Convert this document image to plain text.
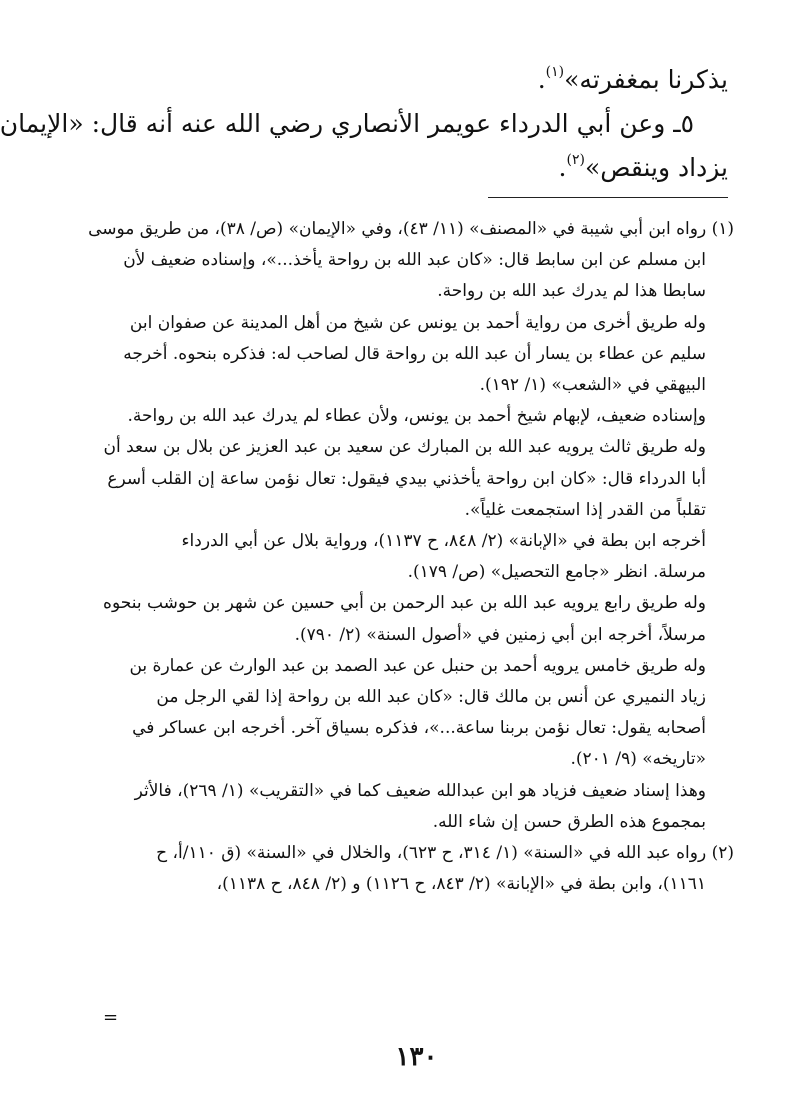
يذكرنا بمغفرته»$^{(١)}$.

٥ـ وعن أبي الدرداء عويمر الأنصاري رضي الله عنه أنه قال: «الإيمان

يزداد وينقص»$^{(٢)}$.

(١) رواه ابن أبي شيبة في «المصنف» (١١/ ٤٣)، وفي «الإيمان» (ص/ ٣٨)، من طريق موسى

ابن مسلم عن ابن سابط قال: «كان عبد الله بن رواحة يأخذ...»، وإسناده ضعيف لأن

سابطا هذا لم يدرك عبد الله بن رواحة.

وله طريق أخرى من رواية أحمد بن يونس عن شيخ من أهل المدينة عن صفوان ابن

سليم عن عطاء بن يسار أن عبد الله بن رواحة قال لصاحب له: فذكره بنحوه. أخرجه

البيهقي في «الشعب» (١/ ١٩٢).

وإسناده ضعيف، لإبهام شيخ أحمد بن يونس، ولأن عطاء لم يدرك عبد الله بن رواحة.

وله طريق ثالث يرويه عبد الله بن المبارك عن سعيد بن عبد العزيز عن بلال بن سعد أن

أبا الدرداء قال: «كان ابن رواحة يأخذني بيدي فيقول: تعال نؤمن ساعة إن القلب أسرع

تقلباً من القدر إذا استجمعت غلياً».

أخرجه ابن بطة في «الإبانة» (٢/ ٨٤٨، ح ١١٣٧)، ورواية بلال عن أبي الدرداء

مرسلة. انظر «جامع التحصيل» (ص/ ١٧٩).

وله طريق رابع يرويه عبد الله بن عبد الرحمن بن أبي حسين عن شهر بن حوشب بنحوه

مرسلاً، أخرجه ابن أبي زمنين في «أصول السنة» (٢/ ٧٩٠).

وله طريق خامس يرويه أحمد بن حنبل عن عبد الصمد بن عبد الوارث عن عمارة بن

زياد النميري عن أنس بن مالك قال: «كان عبد الله بن رواحة إذا لقي الرجل من

أصحابه يقول: تعال نؤمن بربنا ساعة...»، فذكره بسياق آخر. أخرجه ابن عساكر في

«تاريخه» (٩/ ٢٠١).

وهذا إسناد ضعيف فزياد هو ابن عبدالله ضعيف كما في «التقريب» (١/ ٢٦٩)، فالأثر

بمجموع هذه الطرق حسن إن شاء الله.

(٢) رواه عبد الله في «السنة» (١/ ٣١٤، ح ٦٢٣)، والخلال في «السنة» (ق ١١٠/أ، ح

١١٦١)، وابن بطة في «الإبانة» (٢/ ٨٤٣، ح ١١٢٦) و (٢/ ٨٤٨، ح ١١٣٨)،

=
١٣٠
